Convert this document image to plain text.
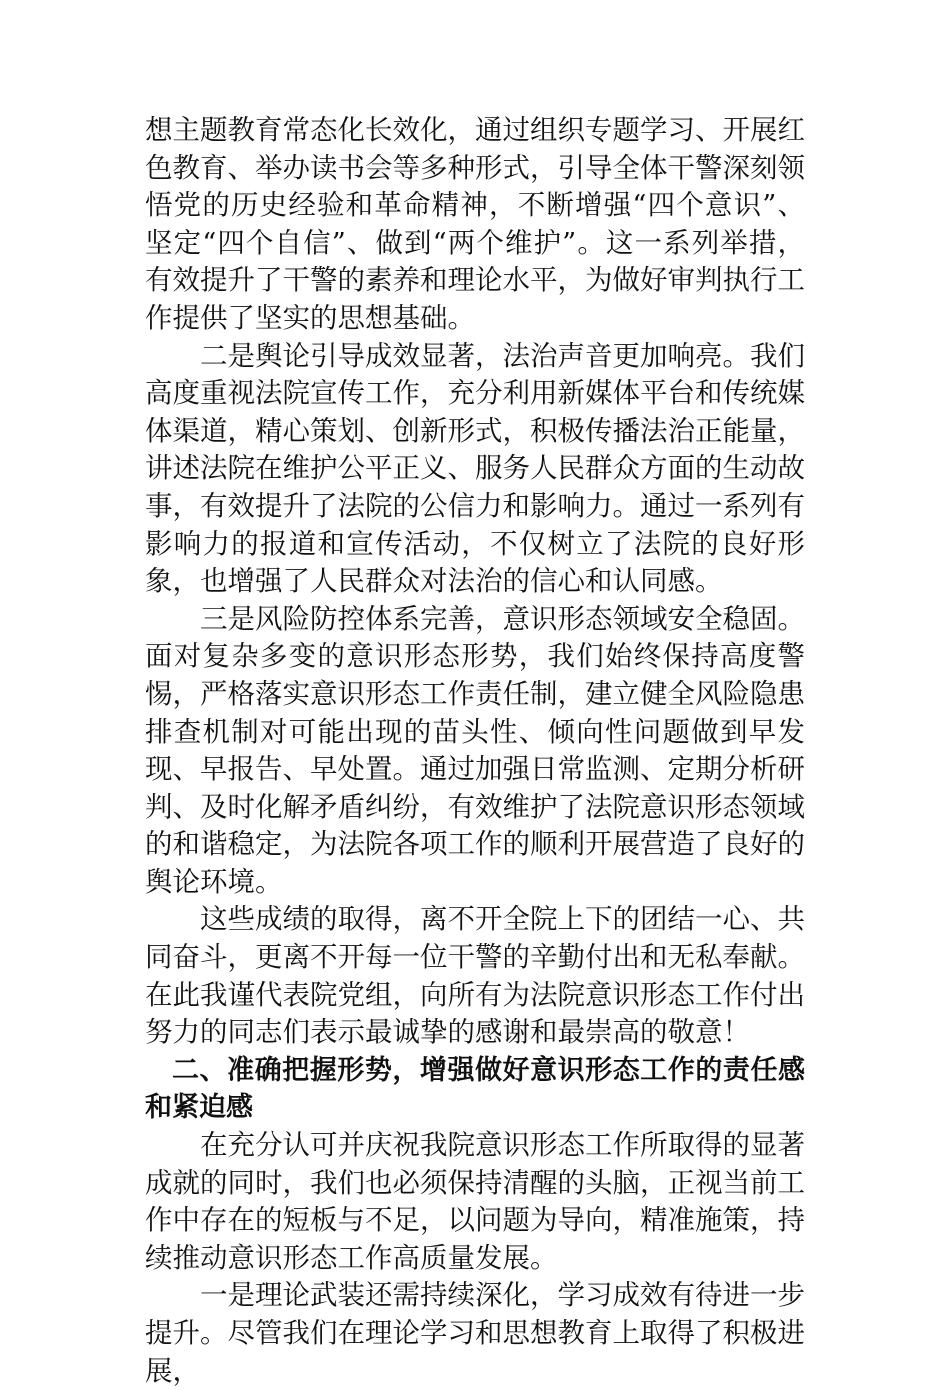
想主题教育常态化长效化，通过组织专题学习、开展红色教育、举办读书会等多种形式，引导全体干警深刻领悟党的历史经验和革命精神，不断增强“四个意识”、坚定“四个自信”、做到“两个维护”。这一系列举措，有效提升了干警的素养和理论水平，为做好审判执行工作提供了坚实的思想基础。

二是舆论引导成效显著，法治声音更加响亮。我们高度重视法院宣传工作，充分利用新媒体平台和传统媒体渠道，精心策划、创新形式，积极传播法治正能量，讲述法院在维护公平正义、服务人民群众方面的生动故事，有效提升了法院的公信力和影响力。通过一系列有影响力的报道和宣传活动，不仅树立了法院的良好形象，也增强了人民群众对法治的信心和认同感。

三是风险防控体系完善，意识形态领域安全稳固。面对复杂多变的意识形态形势，我们始终保持高度警惕，严格落实意识形态工作责任制，建立健全风险隐患排查机制对可能出现的苗头性、倾向性问题做到早发现、早报告、早处置。通过加强日常监测、定期分析研判、及时化解矛盾纠纷，有效维护了法院意识形态领域的和谐稳定，为法院各项工作的顺利开展营造了良好的舆论环境。

这些成绩的取得，离不开全院上下的团结一心、共同奋斗，更离不开每一位干警的辛勤付出和无私奉献。在此我谨代表院党组，向所有为法院意识形态工作付出努力的同志们表示最诚挚的感谢和最崇高的敬意！

二、准确把握形势，增强做好意识形态工作的责任感和紧迫感

在充分认可并庆祝我院意识形态工作所取得的显著成就的同时，我们也必须保持清醒的头脑，正视当前工作中存在的短板与不足，以问题为导向，精准施策，持续推动意识形态工作高质量发展。

一是理论武装还需持续深化，学习成效有待进一步提升。尽管我们在理论学习和思想教育上取得了积极进展，
